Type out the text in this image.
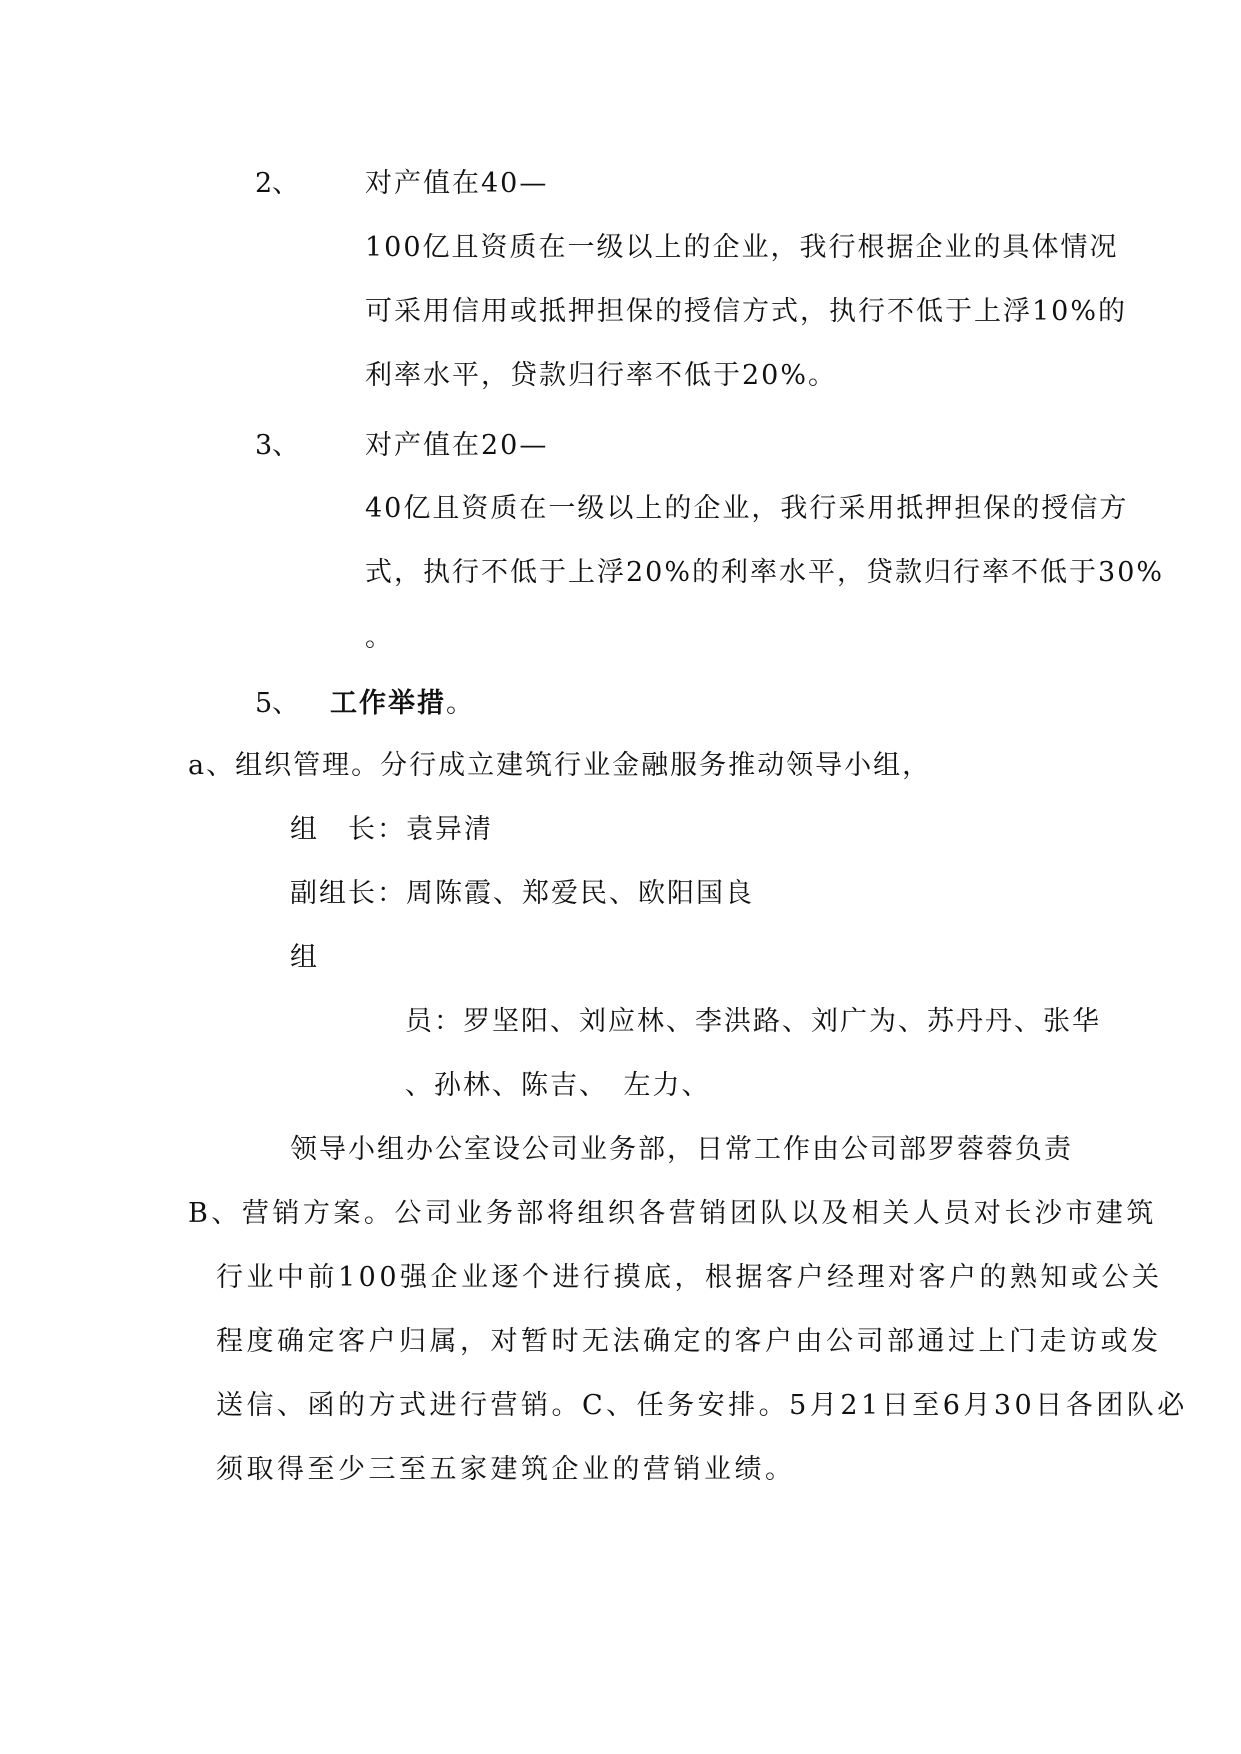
2、 对产值在40—
100亿且资质在一级以上的企业，我行根据企业的具体情况
可采用信用或抵押担保的授信方式，执行不低于上浮10%的
利率水平，贷款归行率不低于20%。
3、 对产值在20—
40亿且资质在一级以上的企业，我行采用抵押担保的授信方
式，执行不低于上浮20%的利率水平，贷款归行率不低于30%
。
5、 工作举措。
a、组织管理。分行成立建筑行业金融服务推动领导小组，
组　长：袁异清
副组长：周陈霞、郑爱民、欧阳国良
组
员：罗坚阳、刘应林、李洪路、刘广为、苏丹丹、张华
、孙林、陈吉、　左力、
领导小组办公室设公司业务部，日常工作由公司部罗蓉蓉负责
B、营销方案。公司业务部将组织各营销团队以及相关人员对长沙市建筑
行业中前100强企业逐个进行摸底，根据客户经理对客户的熟知或公关
程度确定客户归属，对暂时无法确定的客户由公司部通过上门走访或发
送信、函的方式进行营销。C、任务安排。5月21日至6月30日各团队必
须取得至少三至五家建筑企业的营销业绩。
